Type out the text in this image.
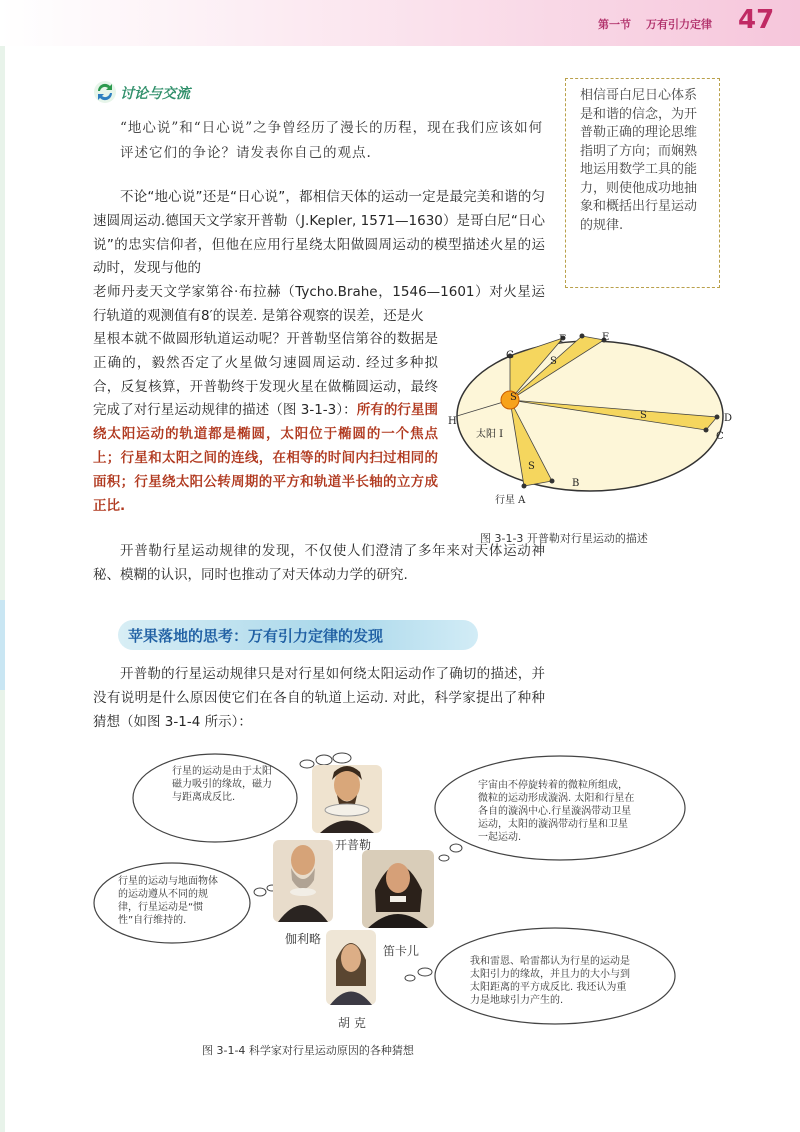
第一节 万有引力定律 47
讨论与交流
“地心说”和“日心说”之争曾经历了漫长的历程，现在我们应该如何评述它们的争论？请发表你自己的观点.
相信哥白尼日心体系是和谐的信念，为开普勒正确的理论思维指明了方向；而娴熟地运用数学工具的能力，则使他成功地抽象和概括出行星运动的规律.
不论“地心说”还是“日心说”，都相信天体的运动一定是最完美和谐的匀速圆周运动.德国天文学家开普勒（J.Kepler, 1571—1630）是哥白尼“日心说”的忠实信仰者，但他在应用行星绕太阳做圆周运动的模型描述火星的运动时，发现与他的
老师丹麦天文学家第谷·布拉赫（Tycho.Brahe，1546—1601）对火星运行轨道的观测值有8′的误差. 是第谷观察的误差，还是火
星根本就不做圆形轨道运动呢？开普勒坚信第谷的数据是正确的，毅然否定了火星做匀速圆周运动. 经过多种拟合，反复核算，开普勒终于发现火星在做椭圆运动，最终完成了对行星运动规律的描述（图 3-1-3）：所有的行星围绕太阳运动的轨道都是椭圆，太阳位于椭圆的一个焦点上；行星和太阳之间的连线，在相等的时间内扫过相同的面积；行星绕太阳公转周期的平方和轨道半长轴的立方成正比.
G
F	E
H	D
C
B
太阳 I
行星 A
S
S
S
S
图 3-1-3 开普勒对行星运动的描述
开普勒行星运动规律的发现，不仅使人们澄清了多年来对天体运动神秘、模糊的认识，同时也推动了对天体动力学的研究.
苹果落地的思考：万有引力定律的发现
开普勒的行星运动规律只是对行星如何绕太阳运动作了确切的描述，并没有说明是什么原因使它们在各自的轨道上运动. 对此，科学家提出了种种猜想（如图 3-1-4 所示）：
行星的运动是由于太阳磁力吸引的缘故，磁力与距离成反比.
宇宙由不停旋转着的微粒所组成，微粒的运动形成漩涡. 太阳和行星在各自的漩涡中心.行星漩涡带动卫星运动，太阳的漩涡带动行星和卫星一起运动.
行星的运动与地面物体的运动遵从不同的规律，行星运动是“惯性”自行维持的.
我和雷恩、哈雷都认为行星的运动是太阳引力的缘故，并且力的大小与到太阳距离的平方成反比. 我还认为重力是地球引力产生的.
开普勒
伽利略
笛卡儿
胡 克
图 3-1-4 科学家对行星运动原因的各种猜想
